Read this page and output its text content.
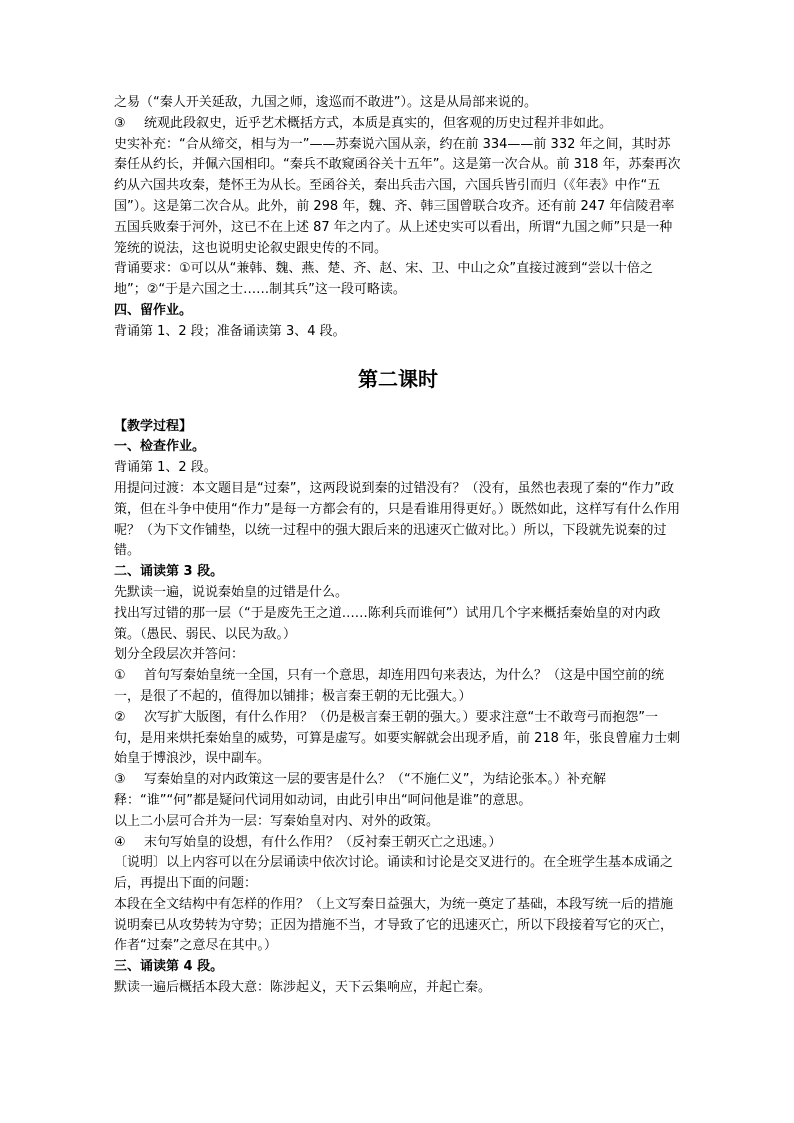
之易（“秦人开关延敌，九国之师，逡巡而不敢进”）。这是从局部来说的。

③ 统观此段叙史，近乎艺术概括方式，本质是真实的，但客观的历史过程并非如此。

史实补充：“合从缔交，相与为一”——苏秦说六国从亲，约在前 334——前 332 年之间，其时苏秦任从约长，并佩六国相印。“秦兵不敢窥函谷关十五年”。这是第一次合从。前 318 年，苏秦再次约从六国共攻秦，楚怀王为从长。至函谷关，秦出兵击六国，六国兵皆引而归（《年表》中作“五国”）。这是第二次合从。此外，前 298 年，魏、齐、韩三国曾联合攻齐。还有前 247 年信陵君率五国兵败秦于河外，这已不在上述 87 年之内了。从上述史实可以看出，所谓“九国之师”只是一种笼统的说法，这也说明史论叙史跟史传的不同。

背诵要求：①可以从“兼韩、魏、燕、楚、齐、赵、宋、卫、中山之众”直接过渡到“尝以十倍之地”；②“于是六国之士……制其兵”这一段可略读。

四、留作业。

背诵第 1、2 段；准备诵读第 3、4 段。

第二课时

【教学过程】

一、检查作业。

背诵第 1、2 段。

用提问过渡：本文题目是“过秦”，这两段说到秦的过错没有？（没有，虽然也表现了秦的“作力”政策，但在斗争中使用“作力”是每一方都会有的，只是看谁用得更好。）既然如此，这样写有什么作用呢？（为下文作铺垫，以统一过程中的强大跟后来的迅速灭亡做对比。）所以，下段就先说秦的过错。

二、诵读第 3 段。

先默读一遍，说说秦始皇的过错是什么。

找出写过错的那一层（“于是废先王之道……陈利兵而谁何”）试用几个字来概括秦始皇的对内政策。（愚民、弱民、以民为敌。）

划分全段层次并答问：

① 首句写秦始皇统一全国，只有一个意思，却连用四句来表达，为什么？（这是中国空前的统一，是很了不起的，值得加以铺排；极言秦王朝的无比强大。）

② 次写扩大版图，有什么作用？（仍是极言秦王朝的强大。）要求注意“士不敢弯弓而抱怨”一句，是用来烘托秦始皇的威势，可算是虚写。如要实解就会出现矛盾，前 218 年，张良曾雇力士刺始皇于博浪沙，误中副车。

③ 写秦始皇的对内政策这一层的要害是什么？（“不施仁义”，为结论张本。）补充解释：“谁”“何”都是疑问代词用如动词，由此引申出“呵问他是谁”的意思。

以上二小层可合并为一层：写秦始皇对内、对外的政策。

④ 末句写始皇的设想，有什么作用？（反衬秦王朝灭亡之迅速。）

〔说明〕以上内容可以在分层诵读中依次讨论。诵读和讨论是交叉进行的。在全班学生基本成诵之后，再提出下面的问题：

本段在全文结构中有怎样的作用？（上文写秦日益强大，为统一奠定了基础，本段写统一后的措施说明秦已从攻势转为守势；正因为措施不当，才导致了它的迅速灭亡，所以下段接着写它的灭亡，作者“过秦”之意尽在其中。）

三、诵读第 4 段。

默读一遍后概括本段大意：陈涉起义，天下云集响应，并起亡秦。
